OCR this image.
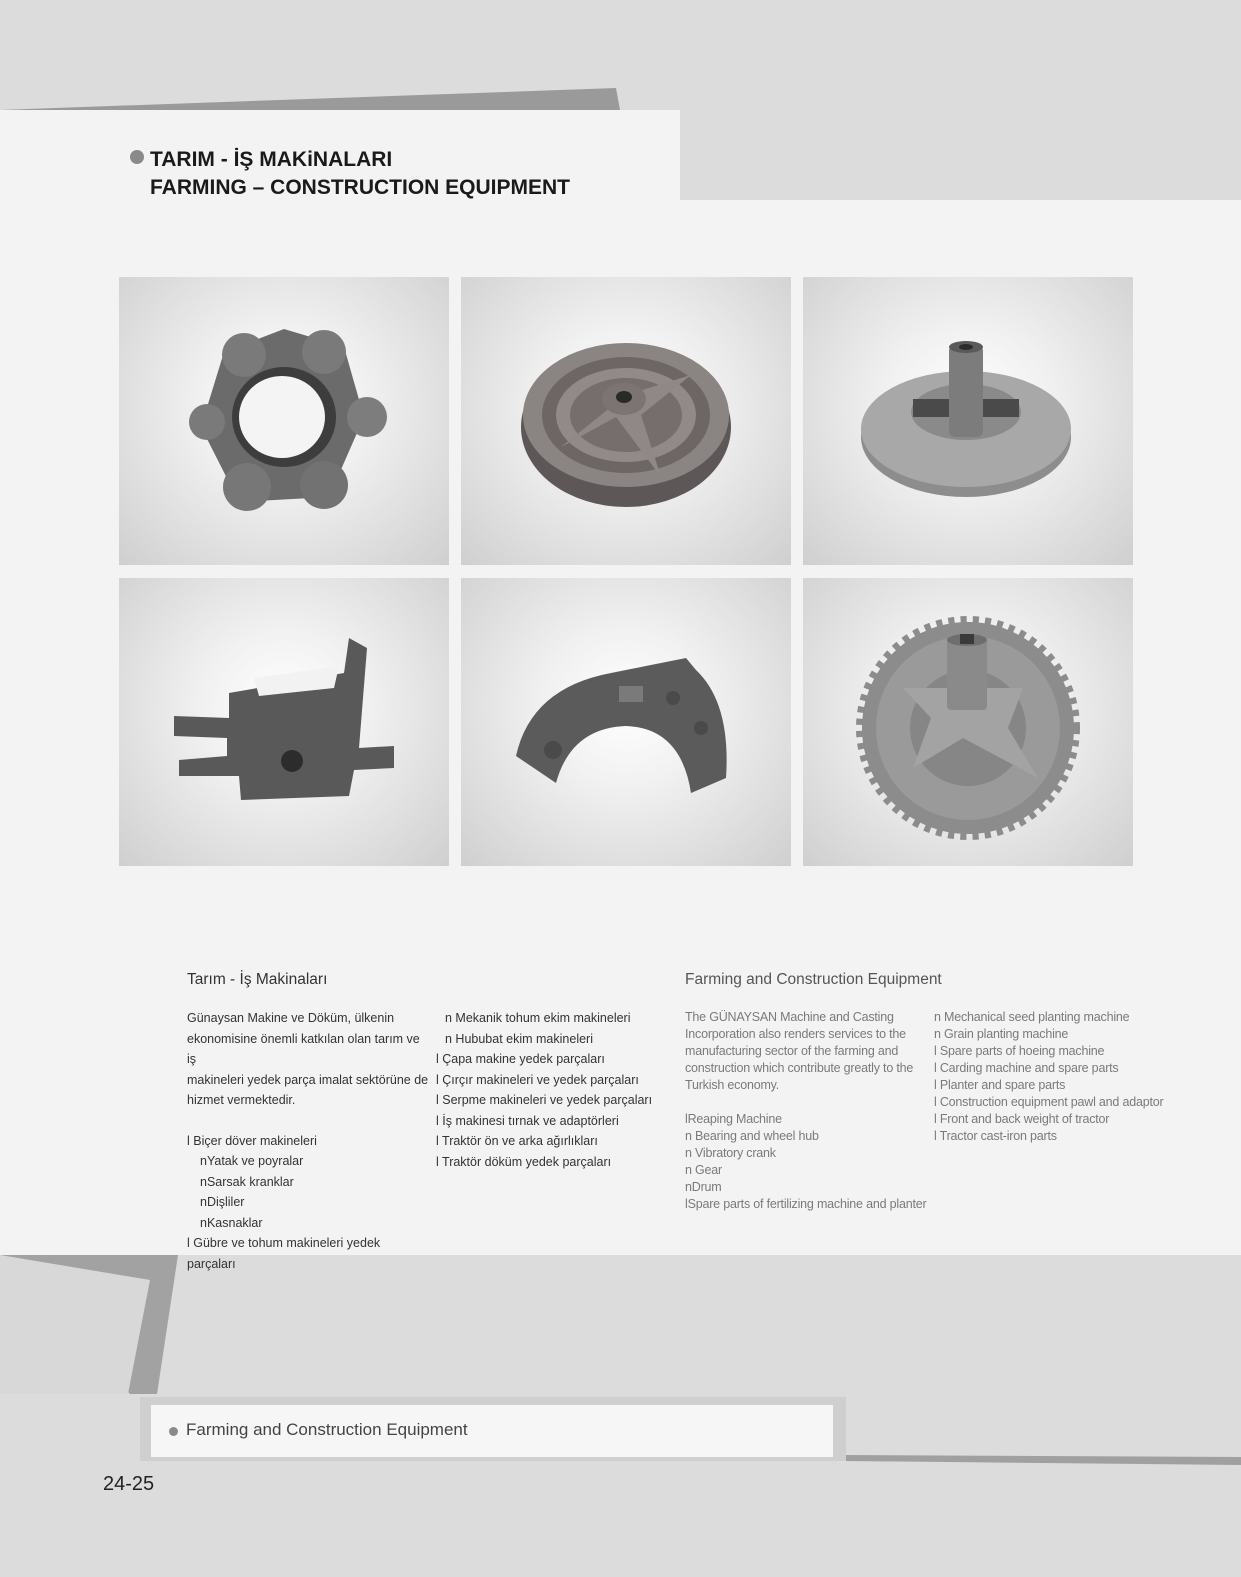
TARIM - İŞ MAKiNALARI
FARMING – CONSTRUCTION EQUIPMENT
Tarım - İş Makinaları

Günaysan Makine ve Döküm, ülkenin

ekonomisine önemli katkılan olan tarım ve iş

makineleri yedek parça imalat sektörüne de

hizmet vermektedir.

l Biçer döver makineleri

nYatak ve poyralar

nSarsak kranklar

nDişliler

nKasnaklar

l Gübre ve tohum makineleri yedek parçaları

n Mekanik tohum ekim makineleri

n Hububat ekim makineleri

l Çapa makine yedek parçaları

l Çırçır makineleri ve yedek parçaları

l Serpme makineleri ve yedek parçaları

l İş makinesi tırnak ve adaptörleri

l Traktör ön ve arka ağırlıkları

l Traktör döküm yedek parçaları

Farming and Construction Equipment

The GÜNAYSAN Machine and Casting

Incorporation also renders services to the

manufacturing sector of the farming and

construction which contribute greatly to the

Turkish economy.

lReaping Machine

n Bearing and wheel hub

n Vibratory crank

n Gear

nDrum

lSpare parts of fertilizing machine and planter

n Mechanical seed planting machine

n Grain planting machine

l Spare parts of hoeing machine

l Carding machine and spare parts

l Planter and spare parts

l Construction equipment pawl and adaptor

l Front and back weight of tractor

l Tractor cast-iron parts

Farming and Construction Equipment
24-25
